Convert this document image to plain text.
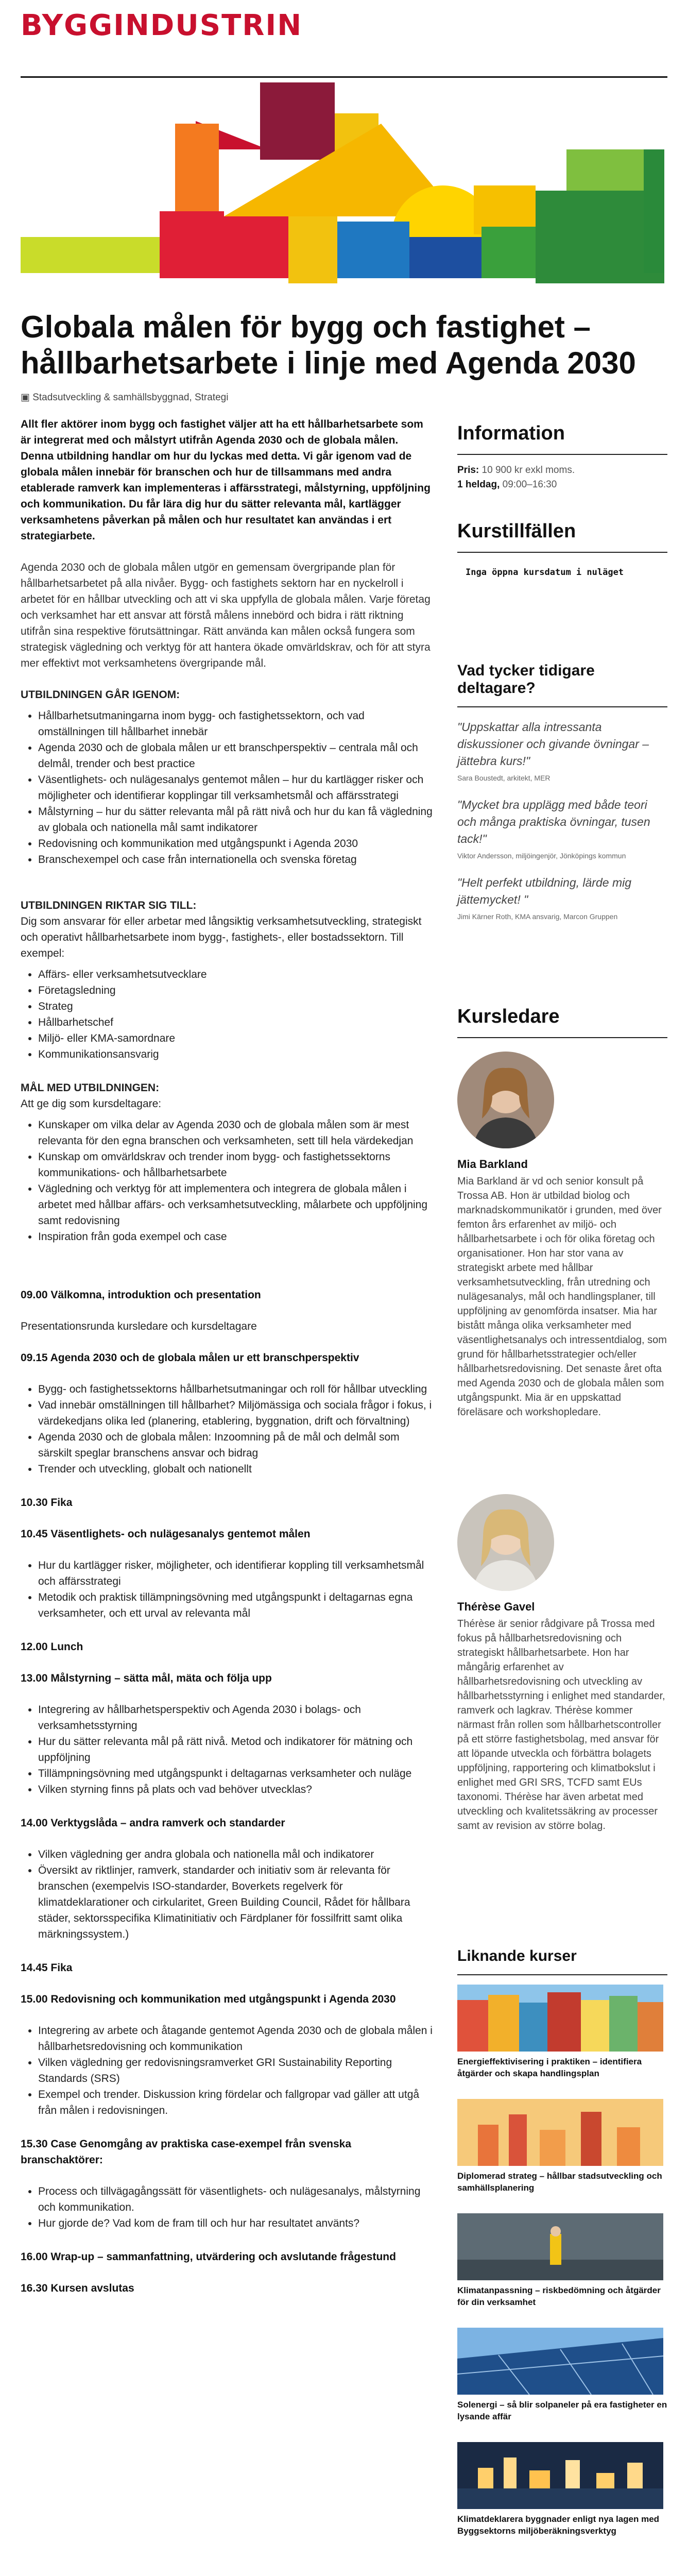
BYGGINDUSTRIN
Globala målen för bygg och fastighet – hållbarhetsarbete i linje med Agenda 2030
▣ Stadsutveckling & samhällsbyggnad, Strategi

Allt fler aktörer inom bygg och fastighet väljer att ha ett hållbarhetsarbete som är integrerat med och målstyrt utifrån Agenda 2030 och de globala målen. Denna utbildning handlar om hur du lyckas med detta. Vi går igenom vad de globala målen innebär för branschen och hur de tillsammans med andra etablerade ramverk kan implementeras i affärsstrategi, målstyrning, uppföljning och kommunikation. Du får lära dig hur du sätter relevanta mål, kartlägger verksamhetens påverkan på målen och hur resultatet kan användas i ert strategiarbete.

Agenda 2030 och de globala målen utgör en gemensam övergripande plan för hållbarhetsarbetet på alla nivåer. Bygg- och fastighets sektorn har en nyckelroll i arbetet för en hållbar utveckling och att vi ska uppfylla de globala målen. Varje företag och verksamhet har ett ansvar att förstå målens innebörd och bidra i rätt riktning utifrån sina respektive förutsättningar. Rätt använda kan målen också fungera som strategisk vägledning och verktyg för att hantera ökade omvärldskrav, och för att styra mer effektivt mot verksamhetens övergripande mål.

UTBILDNINGEN GÅR IGENOM:

• Hållbarhetsutmaningarna inom bygg- och fastighetssektorn, och vad omställningen till hållbarhet innebär
• Agenda 2030 och de globala målen ur ett branschperspektiv – centrala mål och delmål, trender och best practice
• Väsentlighets- och nulägesanalys gentemot målen – hur du kartlägger risker och möjligheter och identifierar kopplingar till verksamhetsmål och affärsstrategi
• Målstyrning – hur du sätter relevanta mål på rätt nivå och hur du kan få vägledning av globala och nationella mål samt indikatorer
• Redovisning och kommunikation med utgångspunkt i Agenda 2030
• Branschexempel och case från internationella och svenska företag

UTBILDNINGEN RIKTAR SIG TILL:

Dig som ansvarar för eller arbetar med långsiktig verksamhetsutveckling, strategiskt och operativt hållbarhetsarbete inom bygg-, fastighets-, eller bostadssektorn. Till exempel:

• Affärs- eller verksamhetsutvecklare
• Företagsledning
• Strateg
• Hållbarhetschef
• Miljö- eller KMA-samordnare
• Kommunikationsansvarig

MÅL MED UTBILDNINGEN:

Att ge dig som kursdeltagare:

• Kunskaper om vilka delar av Agenda 2030 och de globala målen som är mest relevanta för den egna branschen och verksamheten, sett till hela värdekedjan
• Kunskap om omvärldskrav och trender inom bygg- och fastighetssektorns kommunikations- och hållbarhetsarbete
• Vägledning och verktyg för att implementera och integrera de globala målen i arbetet med hållbar affärs- och verksamhetsutveckling, målarbete och uppföljning samt redovisning
• Inspiration från goda exempel och case

09.00 Välkomna, introduktion och presentation

Presentationsrunda kursledare och kursdeltagare

09.15 Agenda 2030 och de globala målen ur ett branschperspektiv

• Bygg- och fastighetssektorns hållbarhetsutmaningar och roll för hållbar utveckling
• Vad innebär omställningen till hållbarhet? Miljömässiga och sociala frågor i fokus, i värdekedjans olika led (planering, etablering, byggnation, drift och förvaltning)
• Agenda 2030 och de globala målen: Inzoomning på de mål och delmål som särskilt speglar branschens ansvar och bidrag
• Trender och utveckling, globalt och nationellt

10.30 Fika

10.45 Väsentlighets- och nulägesanalys gentemot målen

• Hur du kartlägger risker, möjligheter, och identifierar koppling till verksamhetsmål och affärsstrategi
• Metodik och praktisk tillämpningsövning med utgångspunkt i deltagarnas egna verksamheter, och ett urval av relevanta mål

12.00 Lunch

13.00 Målstyrning – sätta mål, mäta och följa upp

• Integrering av hållbarhetsperspektiv och Agenda 2030 i bolags- och verksamhetsstyrning
• Hur du sätter relevanta mål på rätt nivå. Metod och indikatorer för mätning och uppföljning
• Tillämpningsövning med utgångspunkt i deltagarnas verksamheter och nuläge
• Vilken styrning finns på plats och vad behöver utvecklas?

14.00 Verktygslåda – andra ramverk och standarder

• Vilken vägledning ger andra globala och nationella mål och indikatorer
• Översikt av riktlinjer, ramverk, standarder och initiativ som är relevanta för branschen (exempelvis ISO-standarder, Boverkets regelverk för klimatdeklarationer och cirkularitet, Green Building Council, Rådet för hållbara städer, sektorsspecifika Klimatinitiativ och Färdplaner för fossilfritt samt olika märkningssystem.)

14.45 Fika

15.00 Redovisning och kommunikation med utgångspunkt i Agenda 2030

• Integrering av arbete och åtagande gentemot Agenda 2030 och de globala målen i hållbarhetsredovisning och kommunikation
• Vilken vägledning ger redovisningsramverket GRI Sustainability Reporting Standards (SRS)
• Exempel och trender. Diskussion kring fördelar och fallgropar vad gäller att utgå från målen i redovisningen.

15.30 Case Genomgång av praktiska case-exempel från svenska branschaktörer:

• Process och tillvägagångssätt för väsentlighets- och nulägesanalys, målstyrning och kommunikation.
• Hur gjorde de? Vad kom de fram till och hur har resultatet använts?

16.00 Wrap-up – sammanfattning, utvärdering och avslutande frågestund

16.30 Kursen avslutas

Information
Pris: 10 900 kr exkl moms.
1 heldag, 09:00–16:30
Kurstillfällen
Inga öppna kursdatum i nuläget
Vad tycker tidigare deltagare?
"Uppskattar alla intressanta diskussioner och givande övningar – jättebra kurs!"
Sara Boustedt, arkitekt, MER
"Mycket bra upplägg med både teori och många praktiska övningar, tusen tack!"
Viktor Andersson, miljöingenjör, Jönköpings kommun
"Helt perfekt utbildning, lärde mig jättemycket! "
Jimi Kärner Roth, KMA ansvarig, Marcon Gruppen
Kursledare
Mia Barkland
Mia Barkland är vd och senior konsult på Trossa AB. Hon är utbildad biolog och marknadskommunikatör i grunden, med över femton års erfarenhet av miljö- och hållbarhetsarbete i och för olika företag och organisationer. Hon har stor vana av strategiskt arbete med hållbar verksamhetsutveckling, från utredning och nulägesanalys, mål och handlingsplaner, till uppföljning av genomförda insatser. Mia har bistått många olika verksamheter med väsentlighetsanalys och intressentdialog, som grund för hållbarhetsstrategier och/eller hållbarhetsredovisning. Det senaste året ofta med Agenda 2030 och de globala målen som utgångspunkt. Mia är en uppskattad föreläsare och workshopledare.
Thérèse Gavel
Thérèse är senior rådgivare på Trossa med fokus på hållbarhetsredovisning och strategiskt hållbarhetsarbete. Hon har mångårig erfarenhet av hållbarhetsredovisning och utveckling av hållbarhetsstyrning i enlighet med standarder, ramverk och lagkrav. Thérèse kommer närmast från rollen som hållbarhetscontroller på ett större fastighetsbolag, med ansvar för att löpande utveckla och förbättra bolagets uppföljning, rapportering och klimatbokslut i enlighet med GRI SRS, TCFD samt EUs taxonomi. Thérèse har även arbetat med utveckling och kvalitetssäkring av processer samt av revision av större bolag.
Liknande kurser
Energieffektivisering i praktiken – identifiera åtgärder och skapa handlingsplan
Diplomerad strateg – hållbar stadsutveckling och samhällsplanering
Klimatanpassning – riskbedömning och åtgärder för din verksamhet
Solenergi – så blir solpaneler på era fastigheter en lysande affär
Klimatdeklarera byggnader enligt nya lagen med Byggsektorns miljöberäkningsverktyg
